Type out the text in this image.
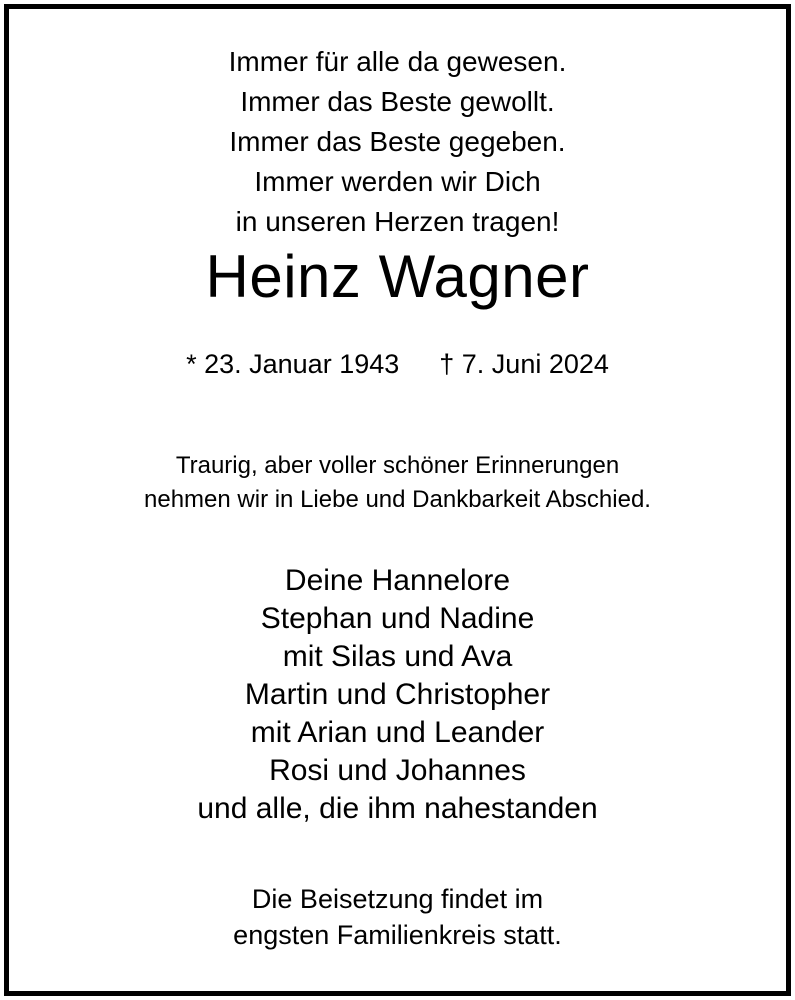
Immer für alle da gewesen.
Immer das Beste gewollt.
Immer das Beste gegeben.
Immer werden wir Dich
in unseren Herzen tragen!
Heinz Wagner
* 23. Januar 1943 † 7. Juni 2024
Traurig, aber voller schöner Erinnerungen
nehmen wir in Liebe und Dankbarkeit Abschied.
Deine Hannelore
Stephan und Nadine
mit Silas und Ava
Martin und Christopher
mit Arian und Leander
Rosi und Johannes
und alle, die ihm nahestanden
Die Beisetzung findet im
engsten Familienkreis statt.
